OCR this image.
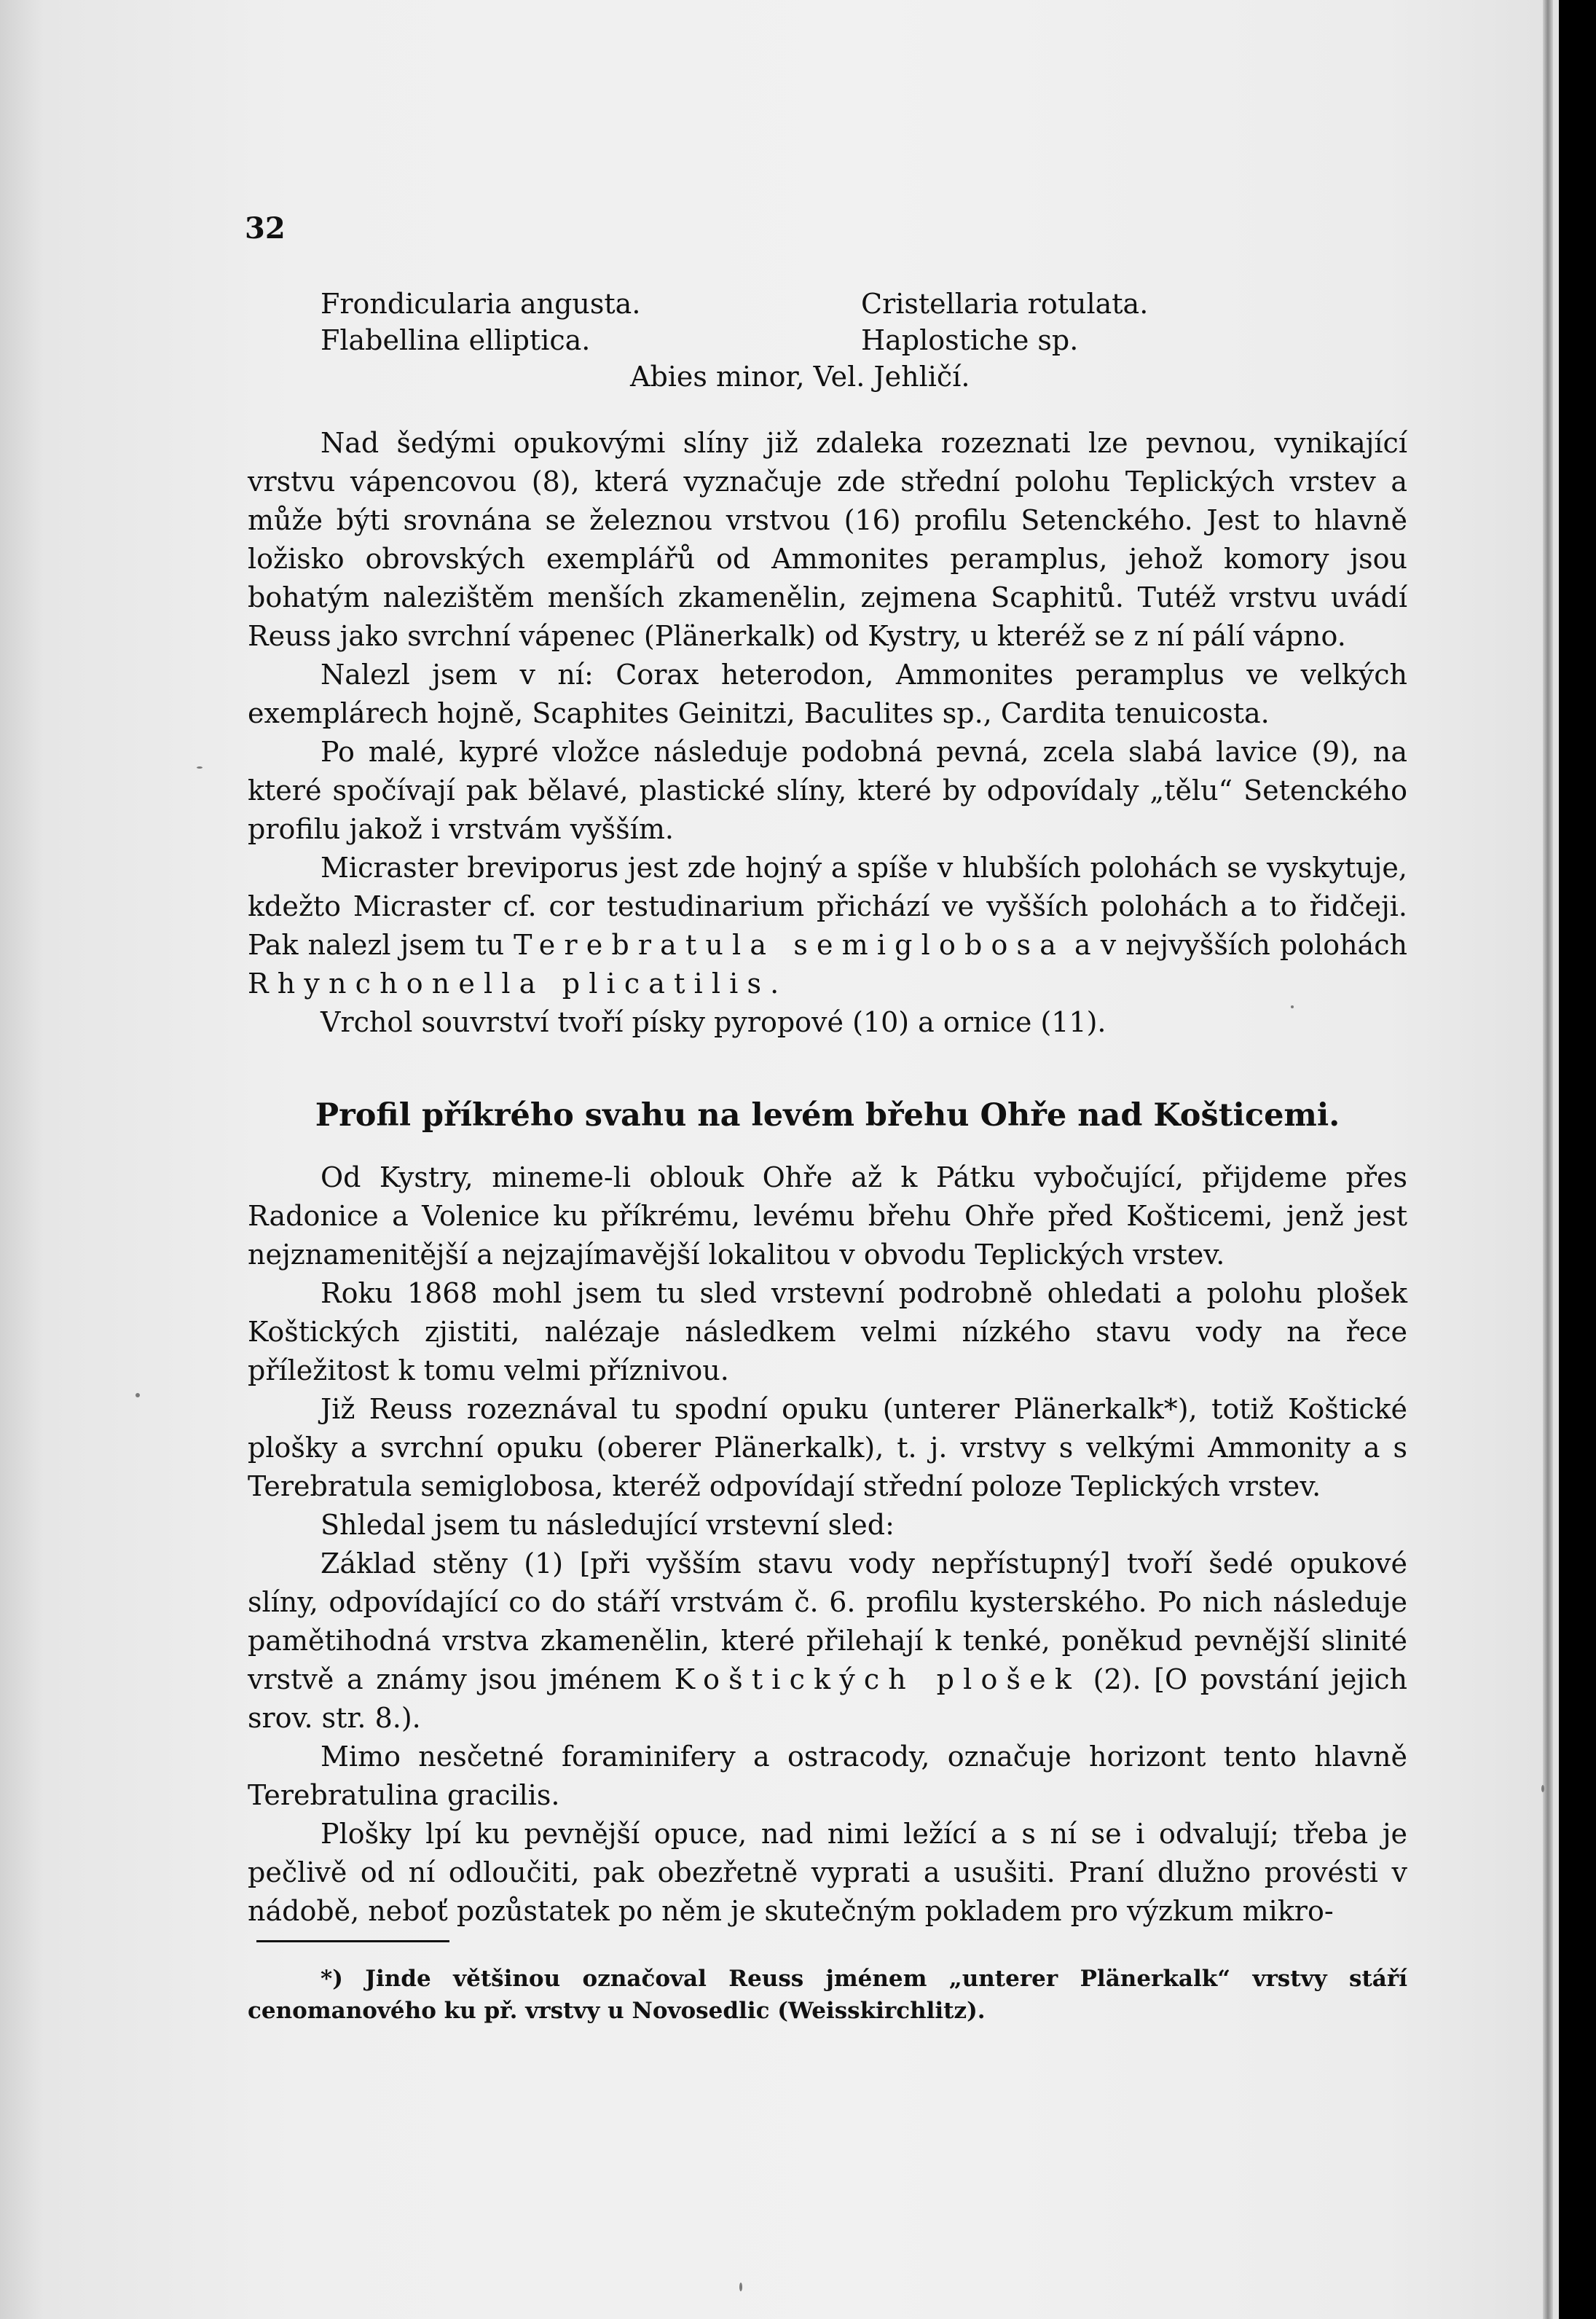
32
Frondicularia angusta.	Cristellaria rotulata.
Flabellina elliptica.	Haplostiche sp.
Abies minor, Vel. Jehličí.

Nad šedými opukovými slíny již zdaleka rozeznati lze pevnou, vynikající vrstvu vápencovou (8), která vyznačuje zde střední polohu Teplických vrstev a může býti srovnána se železnou vrstvou (16) profilu Setenckého. Jest to hlavně ložisko obrovských exemplářů od Ammonites peramplus, jehož komory jsou bohatým nalezištěm menších zkamenělin, zejmena Scaphitů. Tutéž vrstvu uvádí Reuss jako svrchní vápenec (Plänerkalk) od Kystry, u kteréž se z ní pálí vápno.

Nalezl jsem v ní: Corax heterodon, Ammonites peramplus ve velkých exemplárech hojně, Scaphites Geinitzi, Baculites sp., Cardita tenuicosta.

Po malé, kypré vložce následuje podobná pevná, zcela slabá lavice (9), na které spočívají pak bělavé, plastické slíny, které by odpovídaly „tělu“ Setenckého profilu jakož i vrstvám vyšším.

Micraster breviporus jest zde hojný a spíše v hlubších polohách se vyskytuje, kdežto Micraster cf. cor testudinarium přichází ve vyšších polohách a to řidčeji. Pak nalezl jsem tu Terebratula semiglobosa a v nejvyšších polohách Rhynchonella plicatilis.

Vrchol souvrství tvoří písky pyropové (10) a ornice (11).

Profil příkrého svahu na levém břehu Ohře nad Košticemi.

Od Kystry, mineme-li oblouk Ohře až k Pátku vybočující, přijdeme přes Radonice a Volenice ku příkrému, levému břehu Ohře před Košticemi, jenž jest nejznamenitější a nejzajímavější lokalitou v obvodu Teplických vrstev.

Roku 1868 mohl jsem tu sled vrstevní podrobně ohledati a polohu plošek Koštických zjistiti, nalézaje následkem velmi nízkého stavu vody na řece příležitost k tomu velmi příznivou.

Již Reuss rozeznával tu spodní opuku (unterer Plänerkalk*), totiž Koštické plošky a svrchní opuku (oberer Plänerkalk), t. j. vrstvy s velkými Ammonity a s Terebratula semiglobosa, kteréž odpovídají střední poloze Teplických vrstev.

Shledal jsem tu následující vrstevní sled:

Základ stěny (1) [při vyšším stavu vody nepřístupný] tvoří šedé opukové slíny, odpovídající co do stáří vrstvám č. 6. profilu kysterského. Po nich následuje pamětihodná vrstva zkamenělin, které přilehají k tenké, poněkud pevnější slinité vrstvě a známy jsou jménem Koštických plošek (2). [O povstání jejich srov. str. 8.).

Mimo nesčetné foraminifery a ostracody, označuje horizont tento hlavně Terebratulina gracilis.

Plošky lpí ku pevnější opuce, nad nimi ležící a s ní se i odvalují; třeba je pečlivě od ní odloučiti, pak obezřetně vyprati a usušiti. Praní dlužno provésti v nádobě, neboť pozůstatek po něm je skutečným pokladem pro výzkum mikro-

*) Jinde většinou označoval Reuss jménem „unterer Plänerkalk“ vrstvy stáří cenomanového ku př. vrstvy u Novosedlic (Weisskirchlitz).
